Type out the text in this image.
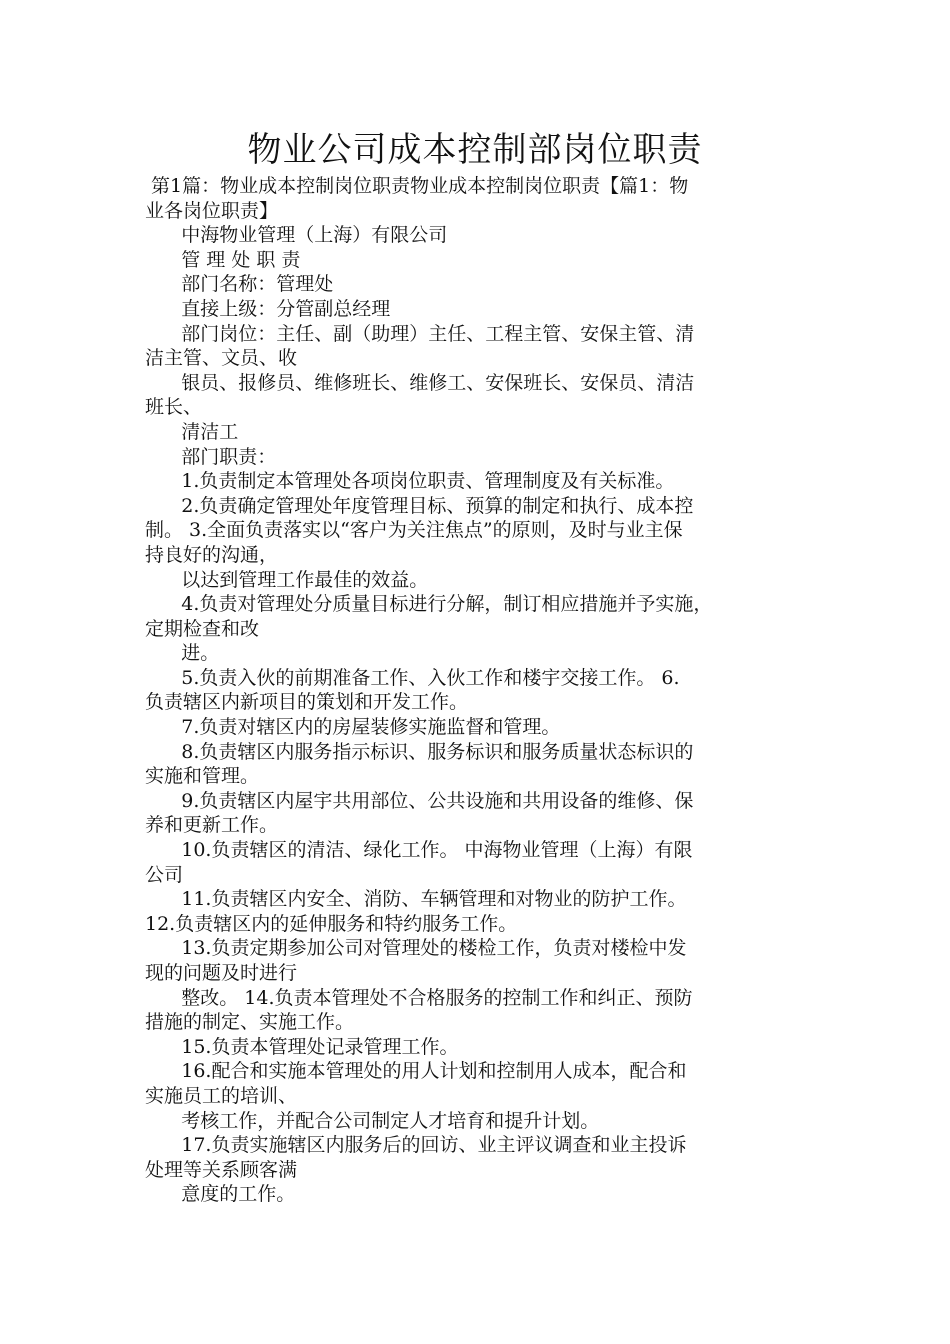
物业公司成本控制部岗位职责
第1篇：物业成本控制岗位职责物业成本控制岗位职责【篇1：物
业各岗位职责】
中海物业管理（上海）有限公司
管 理 处 职 责
部门名称：管理处
直接上级：分管副总经理
部门岗位：主任、副（助理）主任、工程主管、安保主管、清
洁主管、文员、收
银员、报修员、维修班长、维修工、安保班长、安保员、清洁
班长、
清洁工
部门职责：
1.负责制定本管理处各项岗位职责、管理制度及有关标准。
2.负责确定管理处年度管理目标、预算的制定和执行、成本控
制。 3.全面负责落实以“客户为关注焦点”的原则，及时与业主保
持良好的沟通，
以达到管理工作最佳的效益。
4.负责对管理处分质量目标进行分解，制订相应措施并予实施，
定期检查和改
进。
5.负责入伙的前期准备工作、入伙工作和楼宇交接工作。 6.
负责辖区内新项目的策划和开发工作。
7.负责对辖区内的房屋装修实施监督和管理。
8.负责辖区内服务指示标识、服务标识和服务质量状态标识的
实施和管理。
9.负责辖区内屋宇共用部位、公共设施和共用设备的维修、保
养和更新工作。
10.负责辖区的清洁、绿化工作。 中海物业管理（上海）有限
公司
11.负责辖区内安全、消防、车辆管理和对物业的防护工作。
12.负责辖区内的延伸服务和特约服务工作。
13.负责定期参加公司对管理处的楼检工作，负责对楼检中发
现的问题及时进行
整改。 14.负责本管理处不合格服务的控制工作和纠正、预防
措施的制定、实施工作。
15.负责本管理处记录管理工作。
16.配合和实施本管理处的用人计划和控制用人成本，配合和
实施员工的培训、
考核工作，并配合公司制定人才培育和提升计划。
17.负责实施辖区内服务后的回访、业主评议调查和业主投诉
处理等关系顾客满
意度的工作。
